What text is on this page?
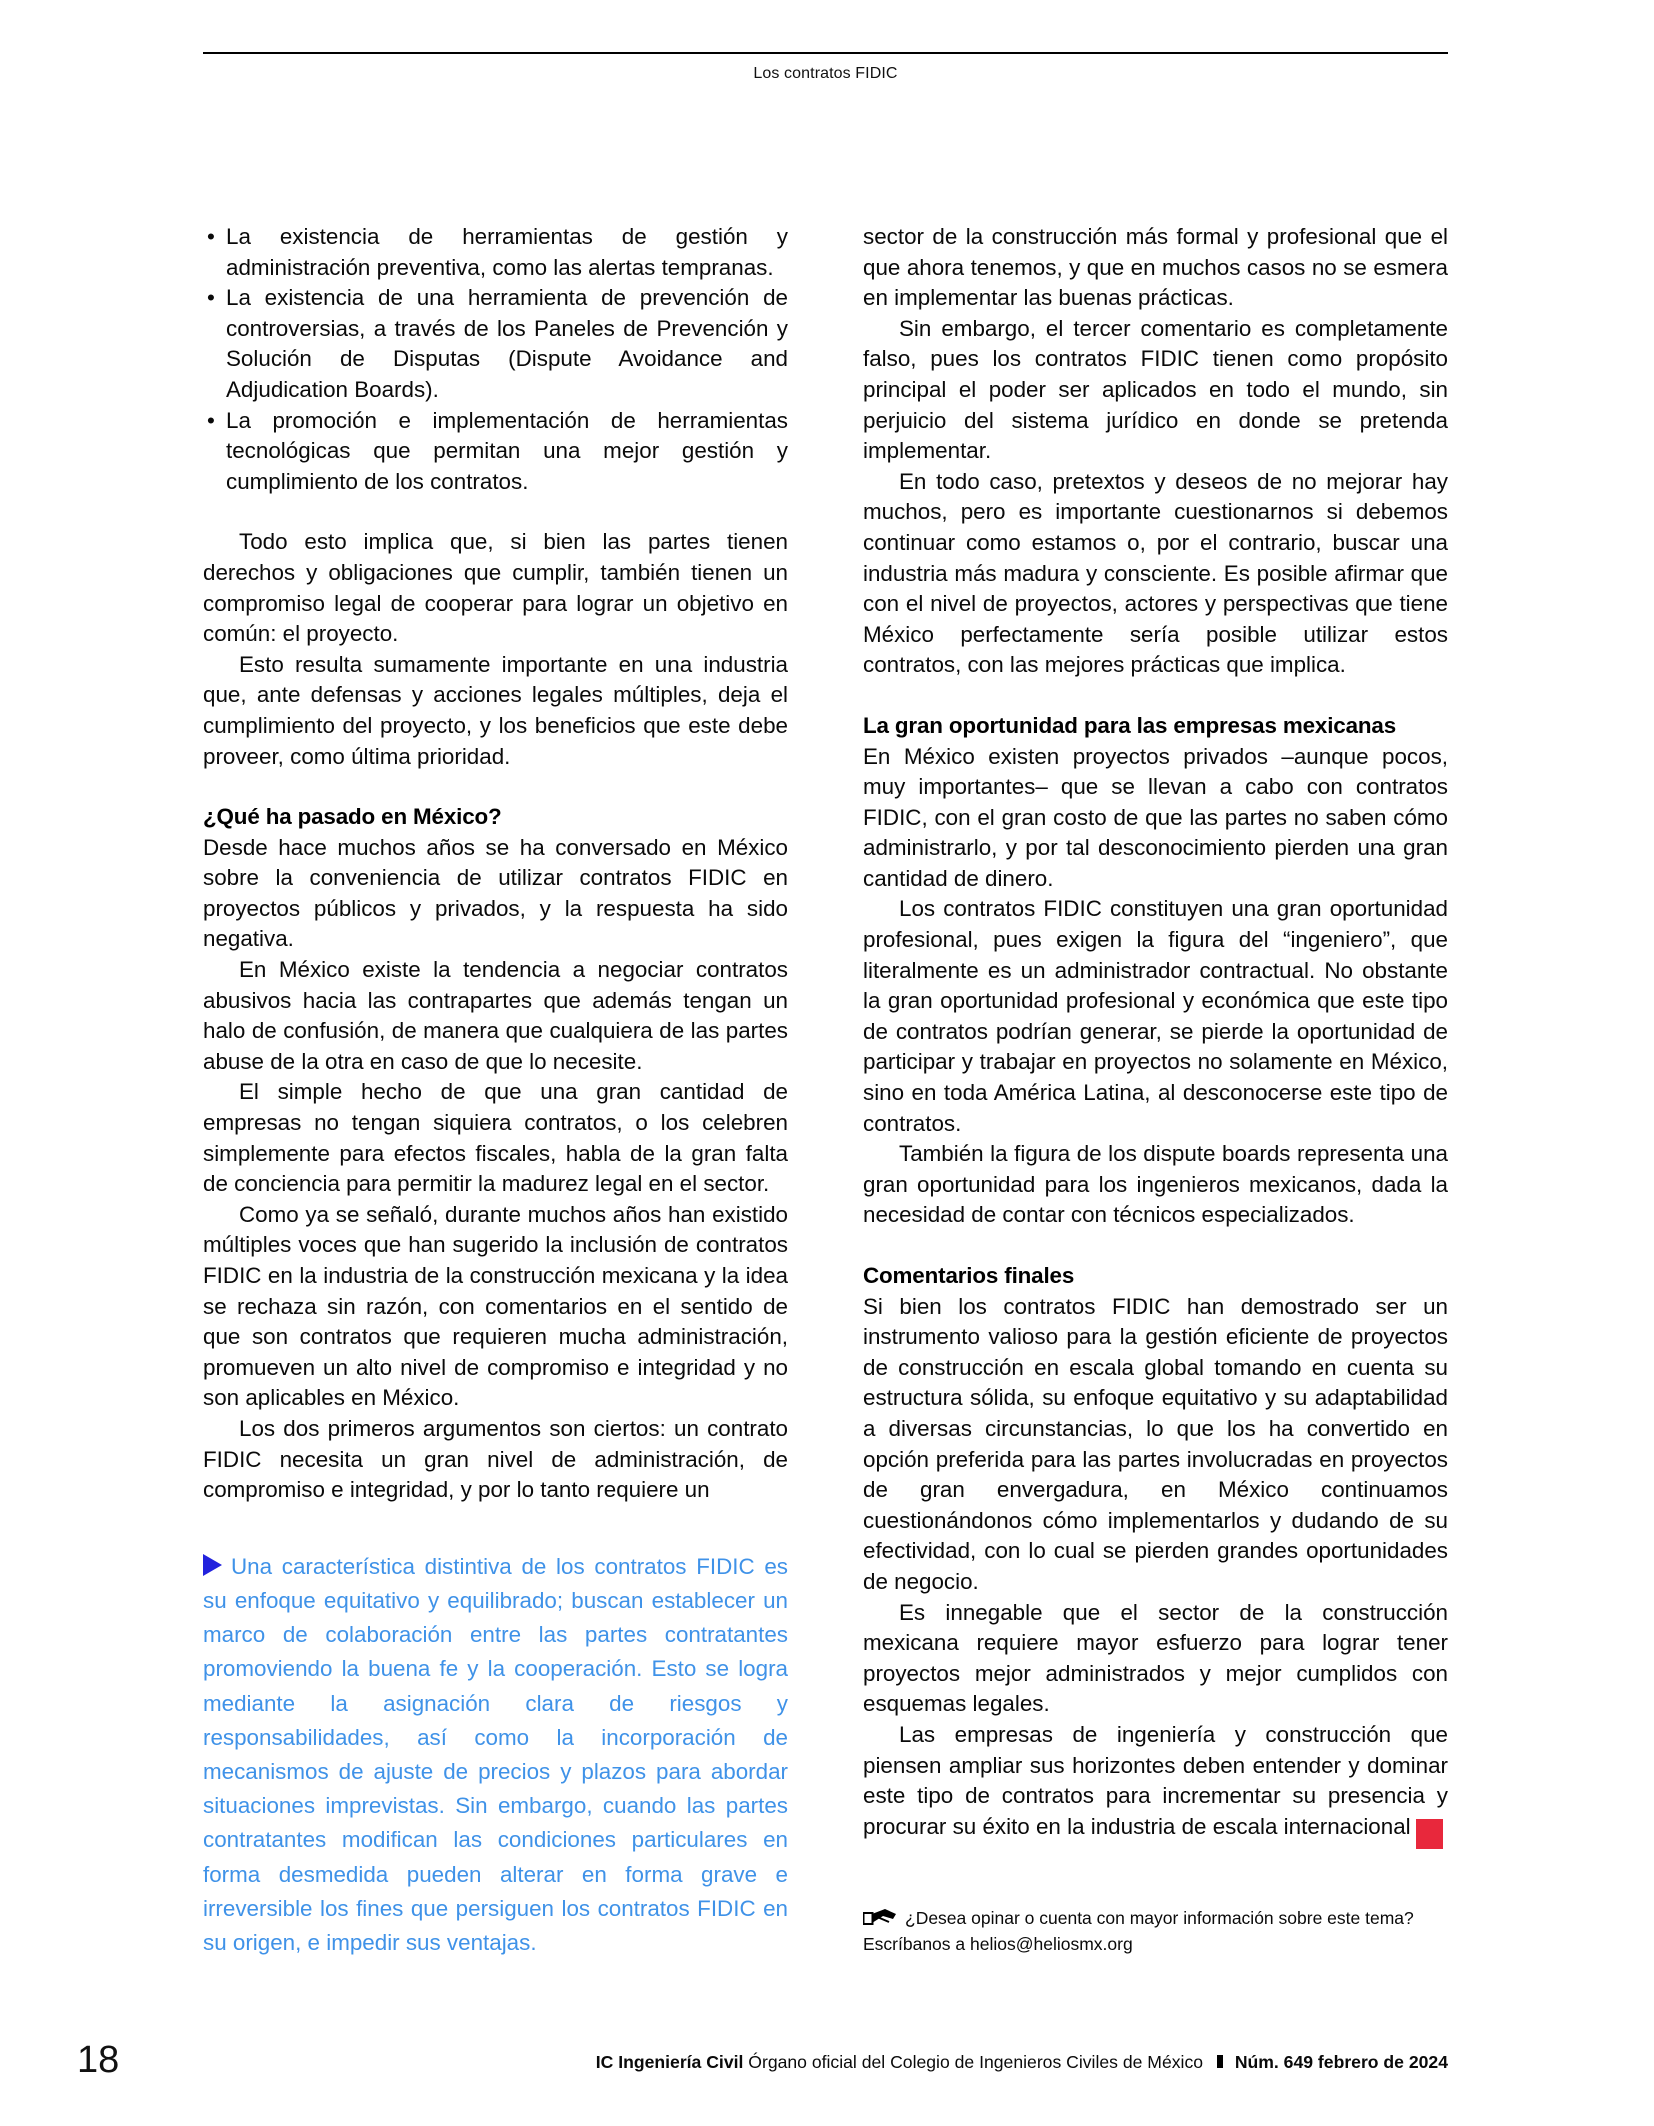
Los contratos FIDIC
• La existencia de herramientas de gestión y administración preventiva, como las alertas tempranas.
• La existencia de una herramienta de prevención de controversias, a través de los Paneles de Prevención y Solución de Disputas (Dispute Avoidance and Adjudication Boards).
• La promoción e implementación de herramientas tecnológicas que permitan una mejor gestión y cumplimiento de los contratos.

Todo esto implica que, si bien las partes tienen derechos y obligaciones que cumplir, también tienen un compromiso legal de cooperar para lograr un objetivo en común: el proyecto.

Esto resulta sumamente importante en una industria que, ante defensas y acciones legales múltiples, deja el cumplimiento del proyecto, y los beneficios que este debe proveer, como última prioridad.

¿Qué ha pasado en México?

Desde hace muchos años se ha conversado en México sobre la conveniencia de utilizar contratos FIDIC en proyectos públicos y privados, y la respuesta ha sido negativa.

En México existe la tendencia a negociar contratos abusivos hacia las contrapartes que además tengan un halo de confusión, de manera que cualquiera de las partes abuse de la otra en caso de que lo necesite.

El simple hecho de que una gran cantidad de empresas no tengan siquiera contratos, o los celebren simplemente para efectos fiscales, habla de la gran falta de conciencia para permitir la madurez legal en el sector.

Como ya se señaló, durante muchos años han existido múltiples voces que han sugerido la inclusión de contratos FIDIC en la industria de la construcción mexicana y la idea se rechaza sin razón, con comentarios en el sentido de que son contratos que requieren mucha administración, promueven un alto nivel de compromiso e integridad y no son aplicables en México.

Los dos primeros argumentos son ciertos: un contrato FIDIC necesita un gran nivel de administración, de compromiso e integridad, y por lo tanto requiere un

Una característica distintiva de los contratos FIDIC es su enfoque equitativo y equilibrado; buscan establecer un marco de colaboración entre las partes contratantes promoviendo la buena fe y la cooperación. Esto se logra mediante la asignación clara de riesgos y responsabilidades, así como la incorporación de mecanismos de ajuste de precios y plazos para abordar situaciones imprevistas. Sin embargo, cuando las partes contratantes modifican las condiciones particulares en forma desmedida pueden alterar en forma grave e irreversible los fines que persiguen los contratos FIDIC en su origen, e impedir sus ventajas.

sector de la construcción más formal y profesional que el que ahora tenemos, y que en muchos casos no se esmera en implementar las buenas prácticas.

Sin embargo, el tercer comentario es completamente falso, pues los contratos FIDIC tienen como propósito principal el poder ser aplicados en todo el mundo, sin perjuicio del sistema jurídico en donde se pretenda implementar.

En todo caso, pretextos y deseos de no mejorar hay muchos, pero es importante cuestionarnos si debemos continuar como estamos o, por el contrario, buscar una industria más madura y consciente. Es posible afirmar que con el nivel de proyectos, actores y perspectivas que tiene México perfectamente sería posible utilizar estos contratos, con las mejores prácticas que implica.

La gran oportunidad para las empresas mexicanas

En México existen proyectos privados –aunque pocos, muy importantes– que se llevan a cabo con contratos FIDIC, con el gran costo de que las partes no saben cómo administrarlo, y por tal desconocimiento pierden una gran cantidad de dinero.

Los contratos FIDIC constituyen una gran oportunidad profesional, pues exigen la figura del “ingeniero”, que literalmente es un administrador contractual. No obstante la gran oportunidad profesional y económica que este tipo de contratos podrían generar, se pierde la oportunidad de participar y trabajar en proyectos no solamente en México, sino en toda América Latina, al desconocerse este tipo de contratos.

También la figura de los dispute boards representa una gran oportunidad para los ingenieros mexicanos, dada la necesidad de contar con técnicos especializados.

Comentarios finales

Si bien los contratos FIDIC han demostrado ser un instrumento valioso para la gestión eficiente de proyectos de construcción en escala global tomando en cuenta su estructura sólida, su enfoque equitativo y su adaptabilidad a diversas circunstancias, lo que los ha convertido en opción preferida para las partes involucradas en proyectos de gran envergadura, en México continuamos cuestionándonos cómo implementarlos y dudando de su efectividad, con lo cual se pierden grandes oportunidades de negocio.

Es innegable que el sector de la construcción mexicana requiere mayor esfuerzo para lograr tener proyectos mejor administrados y mejor cumplidos con esquemas legales.

Las empresas de ingeniería y construcción que piensen ampliar sus horizontes deben entender y dominar este tipo de contratos para incrementar su presencia y procurar su éxito en la industria de escala internacional IC

¿Desea opinar o cuenta con mayor información sobre este tema?
Escríbanos a helios@heliosmx.org
18	IC Ingeniería Civil Órgano oficial del Colegio de Ingenieros Civiles de México Núm. 649 febrero de 2024
